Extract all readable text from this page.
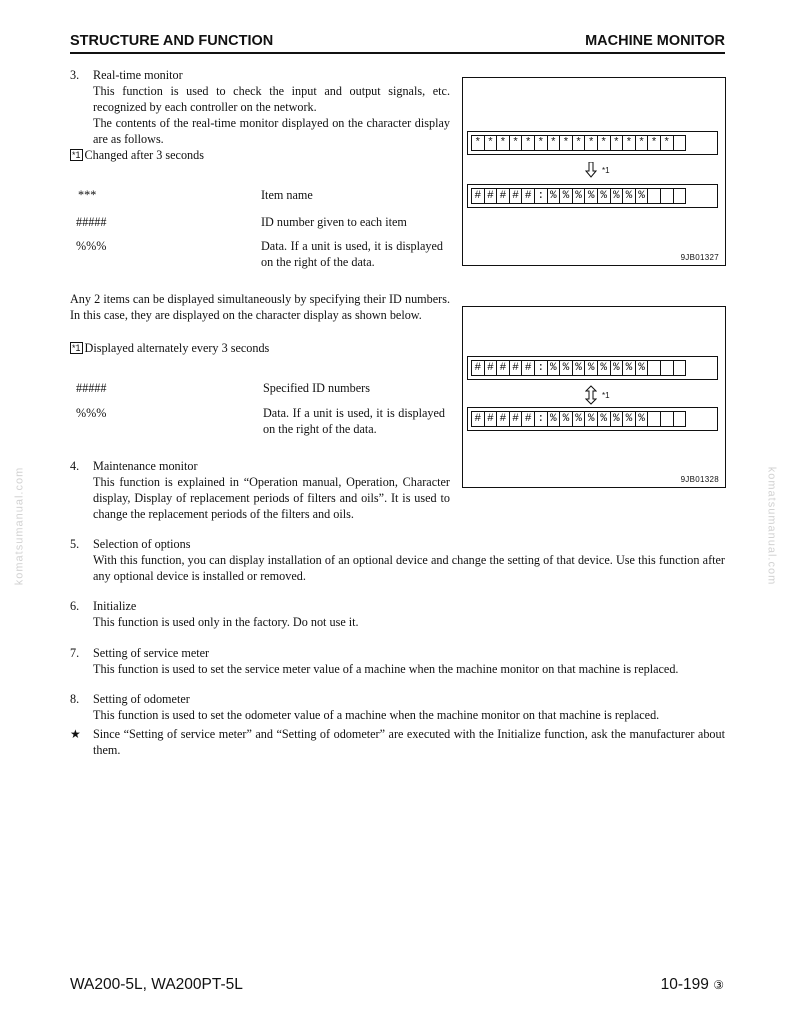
STRUCTURE AND FUNCTION	MACHINE MONITOR
3. Real-time monitor
This function is used to check the input and output signals, etc. recognized by each controller on the network.
The contents of the real-time monitor displayed on the character display are as follows.
*1 Changed after 3 seconds
***	Item name
#####	ID number given to each item
%%%	Data. If a unit is used, it is displayed on the right of the data.
* * * * * * * * * * * * * * * *
*1
# # # # # : % % % % % % % %
9JB01327
Any 2 items can be displayed simultaneously by specifying their ID numbers. In this case, they are displayed on the character display as shown below.
*1 Displayed alternately every 3 seconds
#####	Specified ID numbers
%%%	Data. If a unit is used, it is displayed on the right of the data.
# # # # # : % % % % % % % %
*1
# # # # # : % % % % % % % %
9JB01328
4. Maintenance monitor
This function is explained in “Operation manual, Operation, Character display, Display of replacement periods of filters and oils”. It is used to change the replacement periods of the filters and oils.
5. Selection of options
With this function, you can display installation of an optional device and change the setting of that device. Use this function after any optional device is installed or removed.
6. Initialize
This function is used only in the factory. Do not use it.
7. Setting of service meter
This function is used to set the service meter value of a machine when the machine monitor on that machine is replaced.
8. Setting of odometer
This function is used to set the odometer value of a machine when the machine monitor on that machine is replaced.
★ Since “Setting of service meter” and “Setting of odometer” are executed with the Initialize function, ask the manufacturer about them.
komatsumanual.com	komatsumanual.com
WA200-5L, WA200PT-5L	10-199 ③
